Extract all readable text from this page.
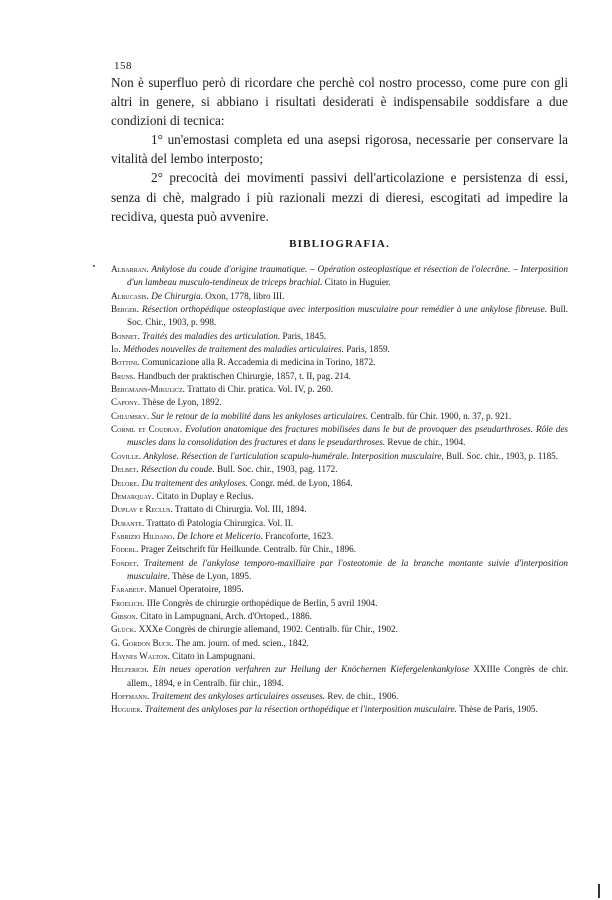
158

Non è superfluo però di ricordare che perchè col nostro processo, come pure con gli altri in genere, si abbiano i risultati desiderati è indispensabile soddisfare a due condizioni di tecnica:

1° un'emostasi completa ed una asepsi rigorosa, necessarie per conservare la vitalità del lembo interposto;

2° precocità dei movimenti passivi dell'articolazione e persistenza di essi, senza di chè, malgrado i più razionali mezzi di dieresi, escogitati ad impedire la recidiva, questa può avvenire.

BIBLIOGRAFIA.
Albarran. Ankylose du coude d'origine traumatique. – Opération osteoplastique et résection de l'olecrâne. – Interposition d'un lambeau musculo-tendineux de triceps brachial. Citato in Huguier.
Albucasis. De Chirurgia. Oxon, 1778, libro III.
Berger. Résection orthopédique osteoplastique avec interposition musculaire pour remédier à une ankylose fibreuse. Bull. Soc. Chir., 1903, p. 998.
Bonnet. Traités des maladies des articulation. Paris, 1845.
Id. Méthodes nouvelles de traitement des maladies articulaires. Paris, 1859.
Bottini. Comunicazione alla R. Accademia di medicina in Torino, 1872.
Bruns. Handbuch der praktischen Chirurgie, 1857, t. II, pag. 214.
Bergmann-Mikulicz. Trattato di Chir. pratica. Vol. IV, p. 260.
Capony. Thèse de Lyon, 1892.
Chlumsky. Sur le retour de la mobilité dans les ankyloses articulaires. Centralb. für Chir. 1900, n. 37, p. 921.
Cornil et Coudray. Evolution anatomique des fractures mobilisées dans le but de provoquer des pseudarthroses. Rôle des muscles dans la consolidation des fractures et dans le pseudarthroses. Revue de chir., 1904.
Coville. Ankylose. Résection de l'articulation scapulo-humérale. Interposition musculaire, Bull. Soc. chir., 1903, p. 1185.
Delbet. Résection du coude. Bull. Soc. chir., 1903, pag. 1172.
Delore. Du traitement des ankyloses. Congr. méd. de Lyon, 1864.
Demarquay. Citato in Duplay e Reclus.
Duplay e Reclus. Trattato di Chirurgia. Vol. III, 1894.
Durante. Trattato di Patologia Chirurgica. Vol. II.
Fabrizio Hildano. De Ichore et Melicerio. Francoforte, 1623.
Föderl. Prager Zeitschrift für Heilkunde. Centralb. für Chir., 1896.
Fondet. Traitement de l'ankylose temporo-maxillaire par l'osteotomie de la branche montante suivie d'interposition musculaire. Thèse de Lyon, 1895.
Farabeuf. Manuel Operatoire, 1895.
Froelich. IIIe Congrès de chirurgie orthopédique de Berlin, 5 avril 1904.
Gibson. Citato in Lampugnani, Arch. d'Ortoped., 1886.
Glück. XXXe Congrès de chirurgie allemand, 1902. Centralb. für Chir., 1902.
G. Gordon Buck. The am. journ. of med. scien., 1842.
Haynes Walton. Citato in Lampugnani.
Helferich. Ein neues operation verfahren zur Heilung der Knöchernen Kiefergelenkankylose XXIIIe Congrès de chir. allem., 1894, e in Centralb. für chir., 1894.
Hoffmann. Traitement des ankyloses articulaires osseuses. Rev. de chir., 1906.
Huguier. Traitement des ankyloses par la résection orthopédique et l'interposition musculaire. Thèse de Paris, 1905.
